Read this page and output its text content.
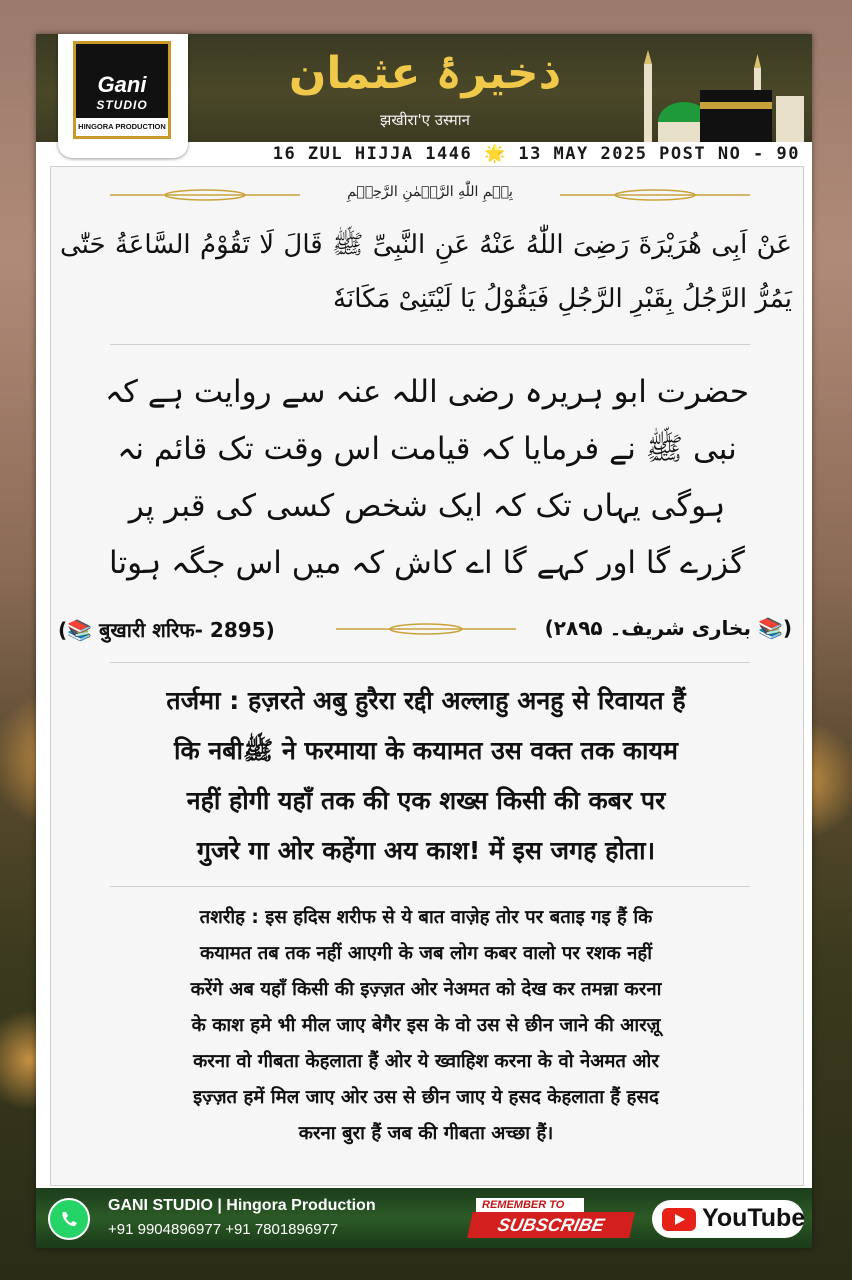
Gani
STUDIO
HINGORA PRODUCTION
ذخیرۂ عثمان
झखीरा'ए उस्मान
16 ZUL HIJJA 1446 🌟 13 MAY 2025 POST NO - 90
بِسۡمِ اللّٰهِ الرَّحۡمٰنِ الرَّحِیۡمِ
عَنْ اَبِی هُرَیْرَةَ رَضِیَ اللّٰهُ عَنْهُ عَنِ النَّبِیِّ ﷺ قَالَ لَا تَقُوْمُ السَّاعَةُ حَتّٰی یَمُرُّ الرَّجُلُ بِقَبْرِ الرَّجُلِ فَیَقُوْلُ یَا لَیْتَنِیْ مَكَانَهٗ
حضرت ابو ہریرہ رضی اللہ عنہ سے روایت ہے کہ
نبی ﷺ نے فرمایا کہ قیامت اس وقت تک قائم نہ
ہوگی یہاں تک کہ ایک شخص کسی کی قبر پر
گزرے گا اور کہے گا اے کاش کہ میں اس جگہ ہوتا
(📚 बुखारी शरिफ- 2895)	(📚 بخاری شریف۔ ۲۸۹۵)
तर्जमा : हज़रते अबु हुरैरा रद्दी अल्लाहु अनहु से रिवायत हैं
कि नबीﷺ ने फरमाया के कयामत उस वक्त तक कायम
नहीं होगी यहाँ तक की एक शख्स किसी की कबर पर
गुजरे गा ओर कहेंगा अय काश! में इस जगह होता।
तशरीह : इस हदिस शरीफ से ये बात वाज़ेह तोर पर बताइ गइ हैं कि
कयामत तब तक नहीं आएगी के जब लोग कबर वालो पर रशक नहीं
करेंगे अब यहाँ किसी की इज़्ज़त ओर नेअमत को देख कर तमन्ना करना
के काश हमे भी मील जाए बेगैर इस के वो उस से छीन जाने की आरज़ू
करना वो गीबता केहलाता हैं ओर ये ख्वाहिश करना के वो नेअमत ओर
इज़्ज़त हमें मिल जाए ओर उस से छीन जाए ये हसद केहलाता हैं हसद
करना बुरा हैं जब की गीबता अच्छा हैं।
GANI STUDIO | Hingora Production
+91 9904896977 +91 7801896977
REMEMBER TO
SUBSCRIBE	YouTube
